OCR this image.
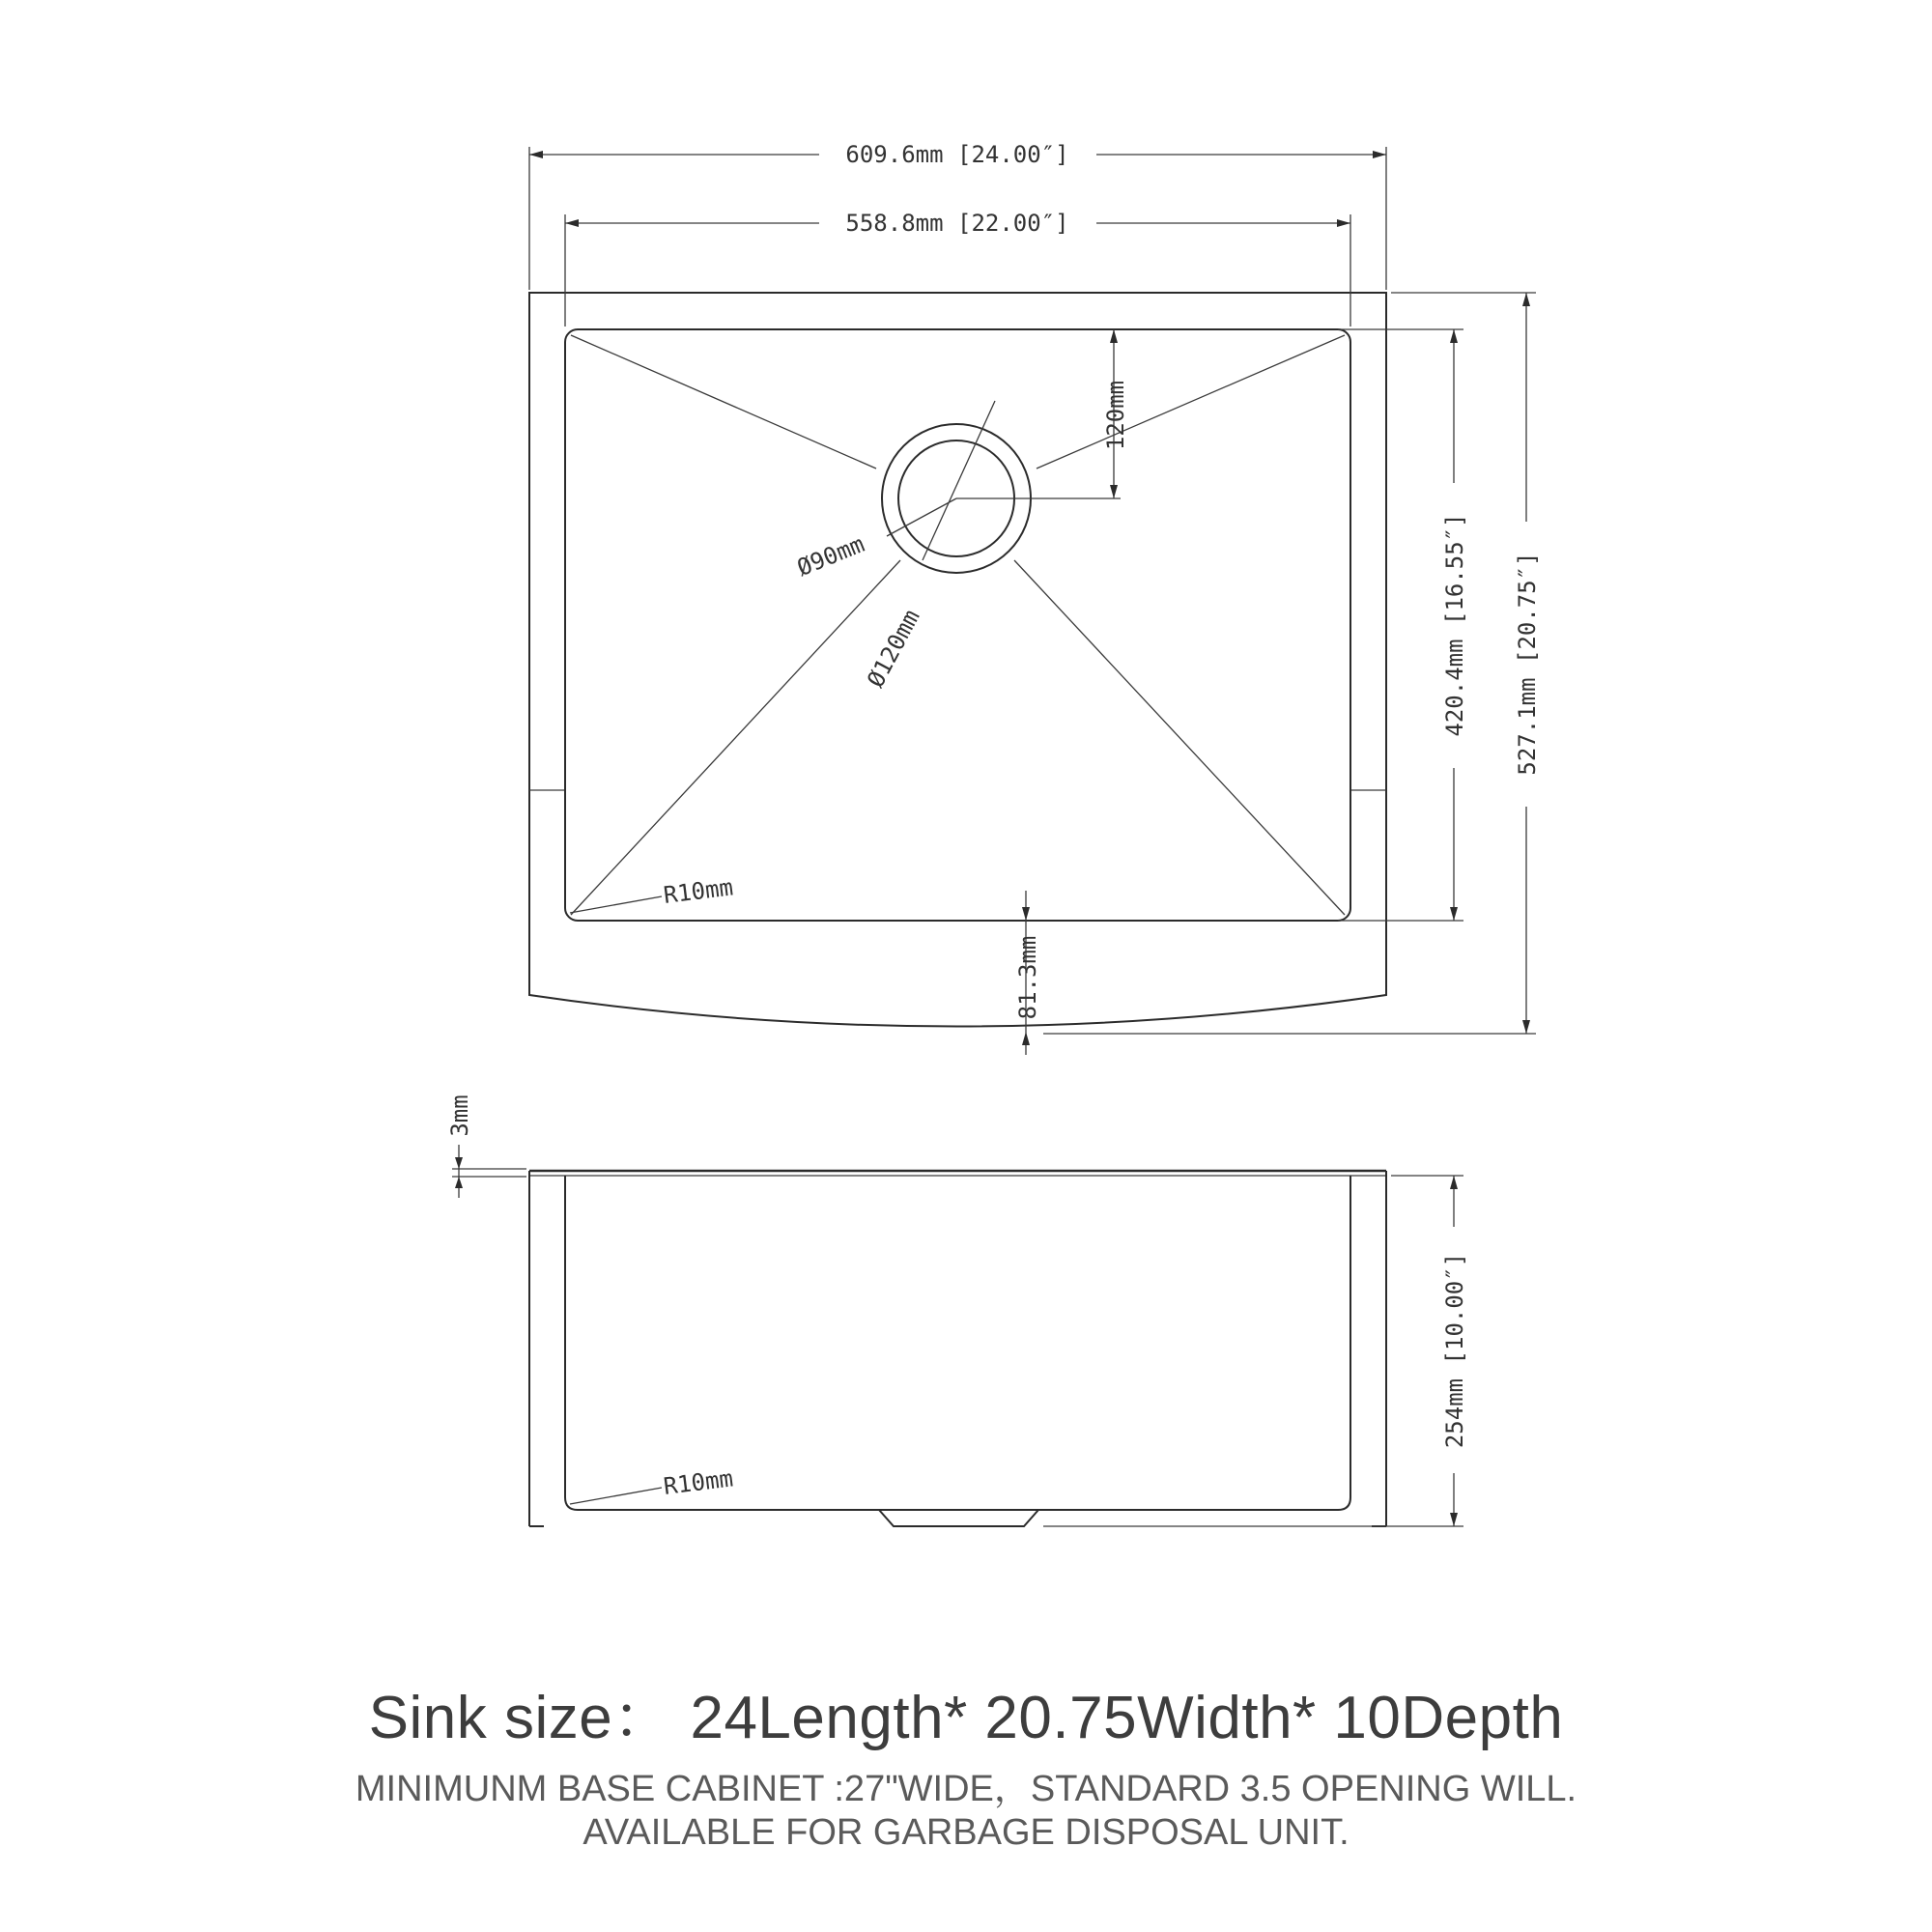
609.6mm [24.00″]
558.8mm [22.00″]
420.4mm [16.55″] 527.1mm [20.75″]
120mm
Ø90mm
Ø120mm
R10mm
81.3mm
3mm
254mm [10.00″]
R10mm
Sink size： 24Length* 20.75Width* 10Depth
MINIMUNM BASE CABINET :27"WIDE，STANDARD 3.5 OPENING WILL.
AVAILABLE FOR GARBAGE DISPOSAL UNIT.
